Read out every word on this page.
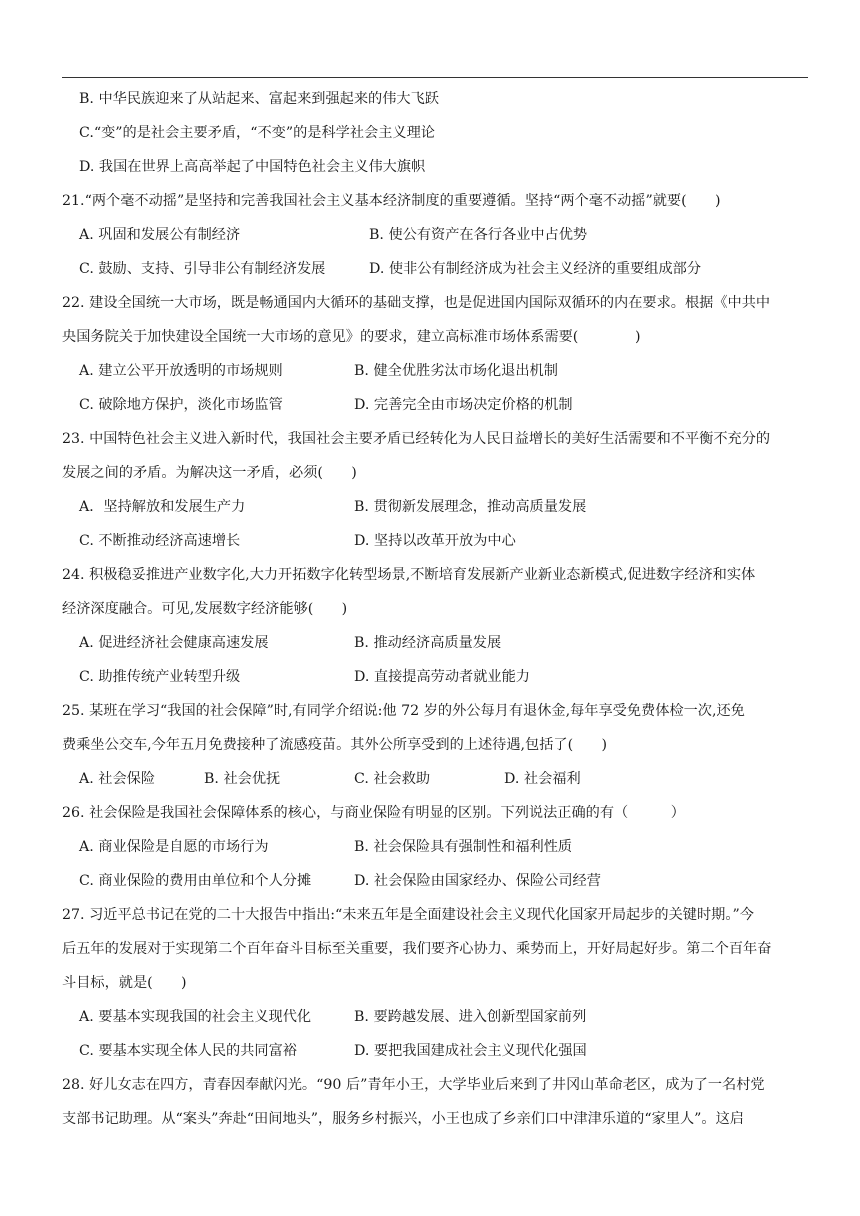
B. 中华民族迎来了从站起来、富起来到强起来的伟大飞跃
C.“变”的是社会主要矛盾，“不变”的是科学社会主义理论
D. 我国在世界上高高举起了中国特色社会主义伟大旗帜
21.“两个毫不动摇”是坚持和完善我国社会主义基本经济制度的重要遵循。坚持“两个毫不动摇”就要(　　)
A. 巩固和发展公有制经济	B. 使公有资产在各行各业中占优势
C. 鼓励、支持、引导非公有制经济发展	D. 使非公有制经济成为社会主义经济的重要组成部分
22. 建设全国统一大市场，既是畅通国内大循环的基础支撑，也是促进国内国际双循环的内在要求。根据《中共中
央国务院关于加快建设全国统一大市场的意见》的要求，建立高标准市场体系需要(　　　　)
A. 建立公平开放透明的市场规则	B. 健全优胜劣汰市场化退出机制
C. 破除地方保护，淡化市场监管	D. 完善完全由市场决定价格的机制
23. 中国特色社会主义进入新时代，我国社会主要矛盾已经转化为人民日益增长的美好生活需要和不平衡不充分的
发展之间的矛盾。为解决这一矛盾，必须(　　)
A．坚持解放和发展生产力	B. 贯彻新发展理念，推动高质量发展
C. 不断推动经济高速增长	D. 坚持以改革开放为中心
24. 积极稳妥推进产业数字化,大力开拓数字化转型场景,不断培育发展新产业新业态新模式,促进数字经济和实体
经济深度融合。可见,发展数字经济能够(　　)
A. 促进经济社会健康高速发展	B. 推动经济高质量发展
C. 助推传统产业转型升级	D. 直接提高劳动者就业能力
25. 某班在学习“我国的社会保障”时,有同学介绍说:他 72 岁的外公每月有退休金,每年享受免费体检一次,还免
费乘坐公交车,今年五月免费接种了流感疫苗。其外公所享受到的上述待遇,包括了(　　)
A. 社会保险	B. 社会优抚	C. 社会救助	D. 社会福利
26. 社会保险是我国社会保障体系的核心，与商业保险有明显的区别。下列说法正确的有（　　　）
A. 商业保险是自愿的市场行为	B. 社会保险具有强制性和福利性质
C. 商业保险的费用由单位和个人分摊	D. 社会保险由国家经办、保险公司经营
27. 习近平总书记在党的二十大报告中指出:“未来五年是全面建设社会主义现代化国家开局起步的关键时期。”今
后五年的发展对于实现第二个百年奋斗目标至关重要，我们要齐心协力、乘势而上，开好局起好步。第二个百年奋
斗目标，就是(　　)
A. 要基本实现我国的社会主义现代化	B. 要跨越发展、进入创新型国家前列
C. 要基本实现全体人民的共同富裕	D. 要把我国建成社会主义现代化强国
28. 好儿女志在四方，青春因奉献闪光。“90 后”青年小王，大学毕业后来到了井冈山革命老区，成为了一名村党
支部书记助理。从“案头”奔赴“田间地头”，服务乡村振兴，小王也成了乡亲们口中津津乐道的“家里人”。这启
